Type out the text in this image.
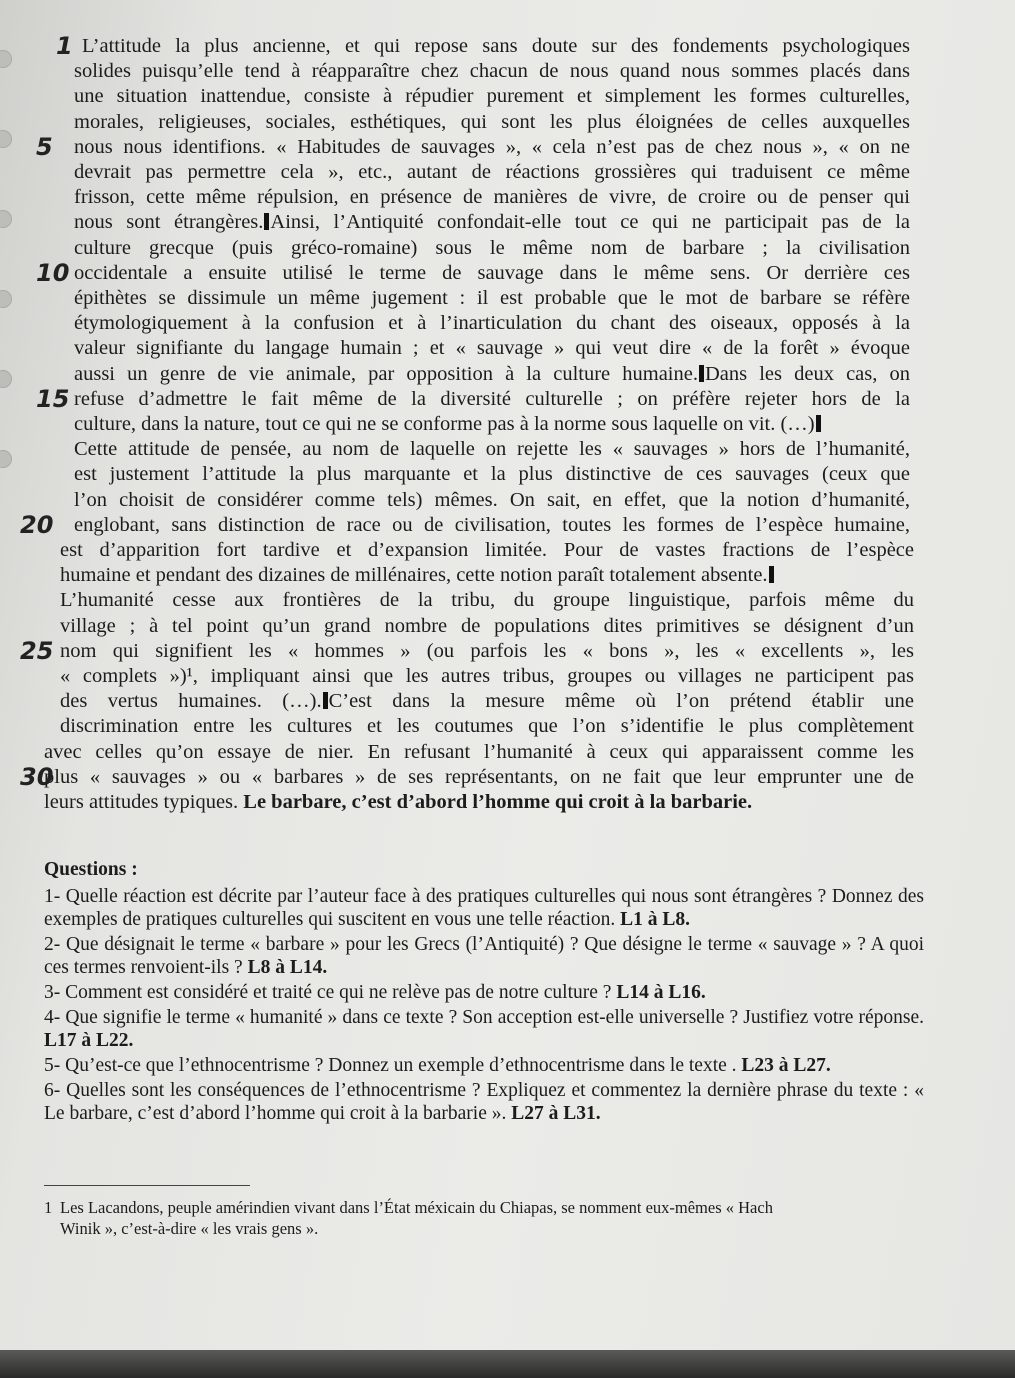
L’attitude la plus ancienne, et qui repose sans doute sur des fondements psychologiques
solides puisqu’elle tend à réapparaître chez chacun de nous quand nous sommes placés dans
une situation inattendue, consiste à répudier purement et simplement les formes culturelles,
morales, religieuses, sociales, esthétiques, qui sont les plus éloignées de celles auxquelles
nous nous identifions. « Habitudes de sauvages », « cela n’est pas de chez nous », « on ne
devrait pas permettre cela », etc., autant de réactions grossières qui traduisent ce même
frisson, cette même répulsion, en présence de manières de vivre, de croire ou de penser qui
nous sont étrangères. Ainsi, l’Antiquité confondait-elle tout ce qui ne participait pas de la
culture grecque (puis gréco-romaine) sous le même nom de barbare ; la civilisation
occidentale a ensuite utilisé le terme de sauvage dans le même sens. Or derrière ces
épithètes se dissimule un même jugement : il est probable que le mot de barbare se réfère
étymologiquement à la confusion et à l’inarticulation du chant des oiseaux, opposés à la
valeur signifiante du langage humain ; et « sauvage » qui veut dire « de la forêt » évoque
aussi un genre de vie animale, par opposition à la culture humaine. Dans les deux cas, on
refuse d’admettre le fait même de la diversité culturelle ; on préfère rejeter hors de la
culture, dans la nature, tout ce qui ne se conforme pas à la norme sous laquelle on vit. (…)
Cette attitude de pensée, au nom de laquelle on rejette les « sauvages » hors de l’humanité,
est justement l’attitude la plus marquante et la plus distinctive de ces sauvages (ceux que
l’on choisit de considérer comme tels) mêmes. On sait, en effet, que la notion d’humanité,
englobant, sans distinction de race ou de civilisation, toutes les formes de l’espèce humaine,
est d’apparition fort tardive et d’expansion limitée. Pour de vastes fractions de l’espèce
humaine et pendant des dizaines de millénaires, cette notion paraît totalement absente.
L’humanité cesse aux frontières de la tribu, du groupe linguistique, parfois même du
village ; à tel point qu’un grand nombre de populations dites primitives se désignent d’un
nom qui signifient les « hommes » (ou parfois les « bons », les « excellents », les
« complets »)¹, impliquant ainsi que les autres tribus, groupes ou villages ne participent pas
des vertus humaines. (…). C’est dans la mesure même où l’on prétend établir une
discrimination entre les cultures et les coutumes que l’on s’identifie le plus complètement
avec celles qu’on essaye de nier. En refusant l’humanité à ceux qui apparaissent comme les
plus « sauvages » ou « barbares » de ses représentants, on ne fait que leur emprunter une de
leurs attitudes typiques. Le barbare, c’est d’abord l’homme qui croit à la barbarie.
1
5
10
15
20
25
30
Questions :
1- Quelle réaction est décrite par l’auteur face à des pratiques culturelles qui nous sont étrangères ? Donnez des exemples de pratiques culturelles qui suscitent en vous une telle réaction. L1 à L8.
2- Que désignait le terme « barbare » pour les Grecs (l’Antiquité) ? Que désigne le terme « sauvage » ? A quoi ces termes renvoient-ils ? L8 à L14.
3- Comment est considéré et traité ce qui ne relève pas de notre culture ? L14 à L16.
4- Que signifie le terme « humanité » dans ce texte ? Son acception est-elle universelle ? Justifiez votre réponse. L17 à L22.
5- Qu’est-ce que l’ethnocentrisme ? Donnez un exemple d’ethnocentrisme dans le texte . L23 à L27.
6- Quelles sont les conséquences de l’ethnocentrisme ? Expliquez et commentez la dernière phrase du texte : « Le barbare, c’est d’abord l’homme qui croit à la barbarie ». L27 à L31.
1 Les Lacandons, peuple amérindien vivant dans l’État méxicain du Chiapas, se nomment eux-mêmes « Hach
Winik », c’est-à-dire « les vrais gens ».
